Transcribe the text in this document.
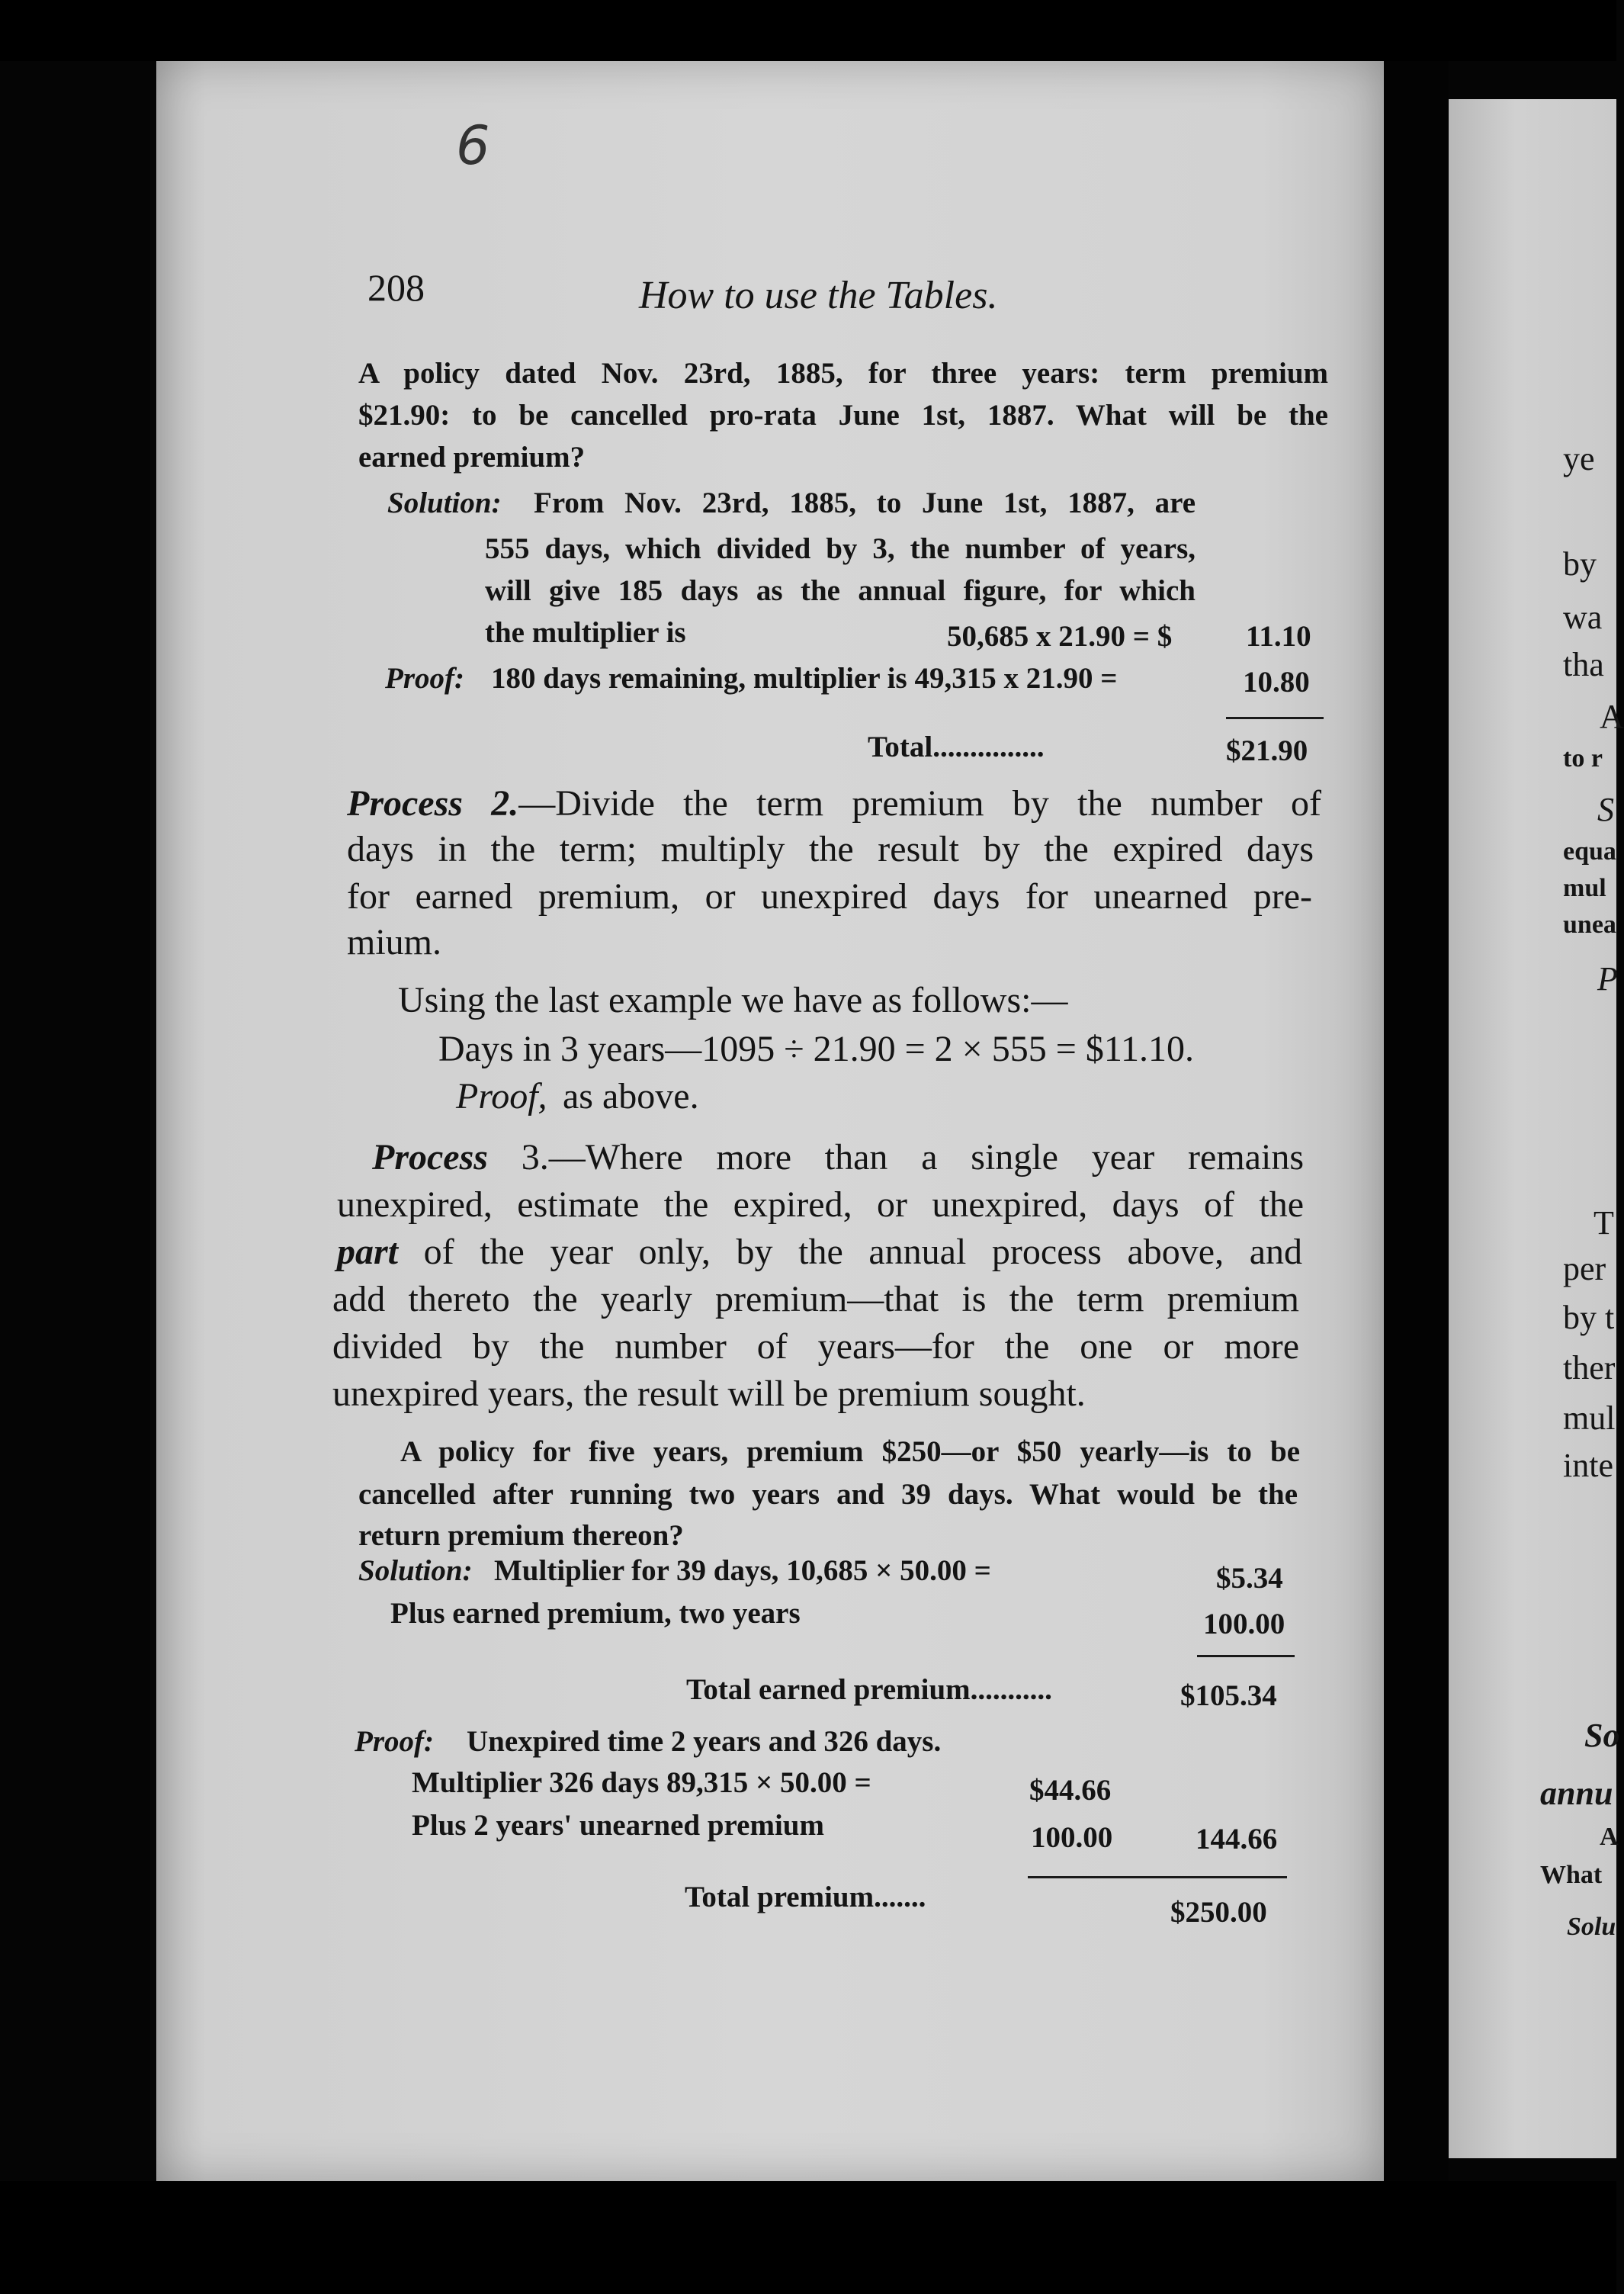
ye
by
wa
tha
A
to r
S
equa
mul
unea
P
T
per
by t
ther
mul
inte
So
annu
A
What
Solu
6
208	How to use the Tables.
A policy dated Nov. 23rd, 1885, for three years: term premium
$21.90: to be cancelled pro-rata June 1st, 1887. What will be the
earned premium?
Solution: From Nov. 23rd, 1885, to June 1st, 1887, are
555 days, which divided by 3, the number of years,
will give 185 days as the annual figure, for which
the multiplier is	50,685 x 21.90 = $ 11.10
Proof: 180 days remaining, multiplier is 49,315 x 21.90 =	10.80
Total...............	$21.90
Process 2.—Divide the term premium by the number of
days in the term; multiply the result by the expired days
for earned premium, or unexpired days for unearned pre-
mium.
Using the last example we have as follows:—
Days in 3 years—1095 ÷ 21.90 = 2 × 555 = $11.10.
Proof, as above.
Process 3.—Where more than a single year remains
unexpired, estimate the expired, or unexpired, days of the
part of the year only, by the annual process above, and
add thereto the yearly premium—that is the term premium
divided by the number of years—for the one or more
unexpired years, the result will be premium sought.
A policy for five years, premium $250—or $50 yearly—is to be
cancelled after running two years and 39 days. What would be the
return premium thereon?
Solution: Multiplier for 39 days, 10,685 × 50.00 =	$5.34
Plus earned premium, two years	100.00
Total earned premium...........	$105.34
Proof: Unexpired time 2 years and 326 days.
Multiplier 326 days 89,315 × 50.00 =	$44.66
Plus 2 years' unearned premium	100.00	144.66
Total premium.......	$250.00
